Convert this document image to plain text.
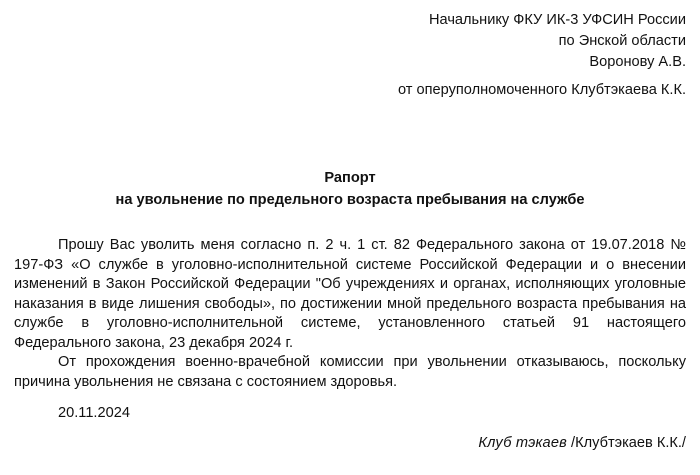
Начальнику ФКУ ИК-3 УФСИН России
по Энской области
Воронову А.В.
от оперуполномоченного Клубтэкаева К.К.
Рапорт
на увольнение по предельного возраста пребывания на службе

Прошу Вас уволить меня согласно п. 2 ч. 1 ст. 82 Федерального закона от 19.07.2018 № 197-ФЗ «О службе в уголовно-исполнительной системе Российской Федерации и о внесении изменений в Закон Российской Федерации "Об учреждениях и органах, исполняющих уголовные наказания в виде лишения свободы», по достижении мной предельного возраста пребывания на службе в уголовно-исполнительной системе, установленного статьей 91 настоящего Федерального закона, 23 декабря 2024 г.

От прохождения военно-врачебной комиссии при увольнении отказываюсь, поскольку причина увольнения не связана с состоянием здоровья.

20.11.2024
Клуб тэкаев /Клубтэкаев К.К./
